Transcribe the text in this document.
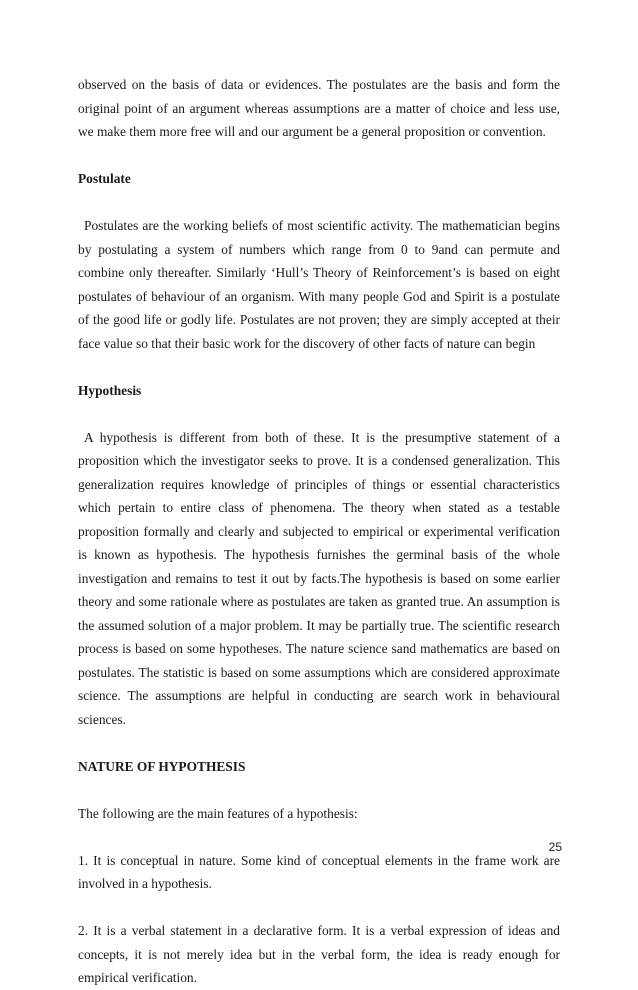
observed on the basis of data or evidences. The postulates are the basis and form the original point of an argument whereas assumptions are a matter of choice and less use, we make them more free will and our argument be a general proposition or convention.

Postulate

Postulates are the working beliefs of most scientific activity. The mathematician begins by postulating a system of numbers which range from 0 to 9and can permute and combine only thereafter. Similarly ‘Hull’s Theory of Reinforcement’s is based on eight postulates of behaviour of an organism. With many people God and Spirit is a postulate of the good life or godly life. Postulates are not proven; they are simply accepted at their face value so that their basic work for the discovery of other facts of nature can begin

Hypothesis

A hypothesis is different from both of these. It is the presumptive statement of a proposition which the investigator seeks to prove. It is a condensed generalization. This generalization requires knowledge of principles of things or essential characteristics which pertain to entire class of phenomena. The theory when stated as a testable proposition formally and clearly and subjected to empirical or experimental verification is known as hypothesis. The hypothesis furnishes the germinal basis of the whole investigation and remains to test it out by facts.The hypothesis is based on some earlier theory and some rationale where as postulates are taken as granted true. An assumption is the assumed solution of a major problem. It may be partially true. The scientific research process is based on some hypotheses. The nature science sand mathematics are based on postulates. The statistic is based on some assumptions which are considered approximate science. The assumptions are helpful in conducting are search work in behavioural sciences.

NATURE OF HYPOTHESIS

The following are the main features of a hypothesis:

1. It is conceptual in nature. Some kind of conceptual elements in the frame work are involved in a hypothesis.

2. It is a verbal statement in a declarative form. It is a verbal expression of ideas and concepts, it is not merely idea but in the verbal form, the idea is ready enough for empirical verification.

25
